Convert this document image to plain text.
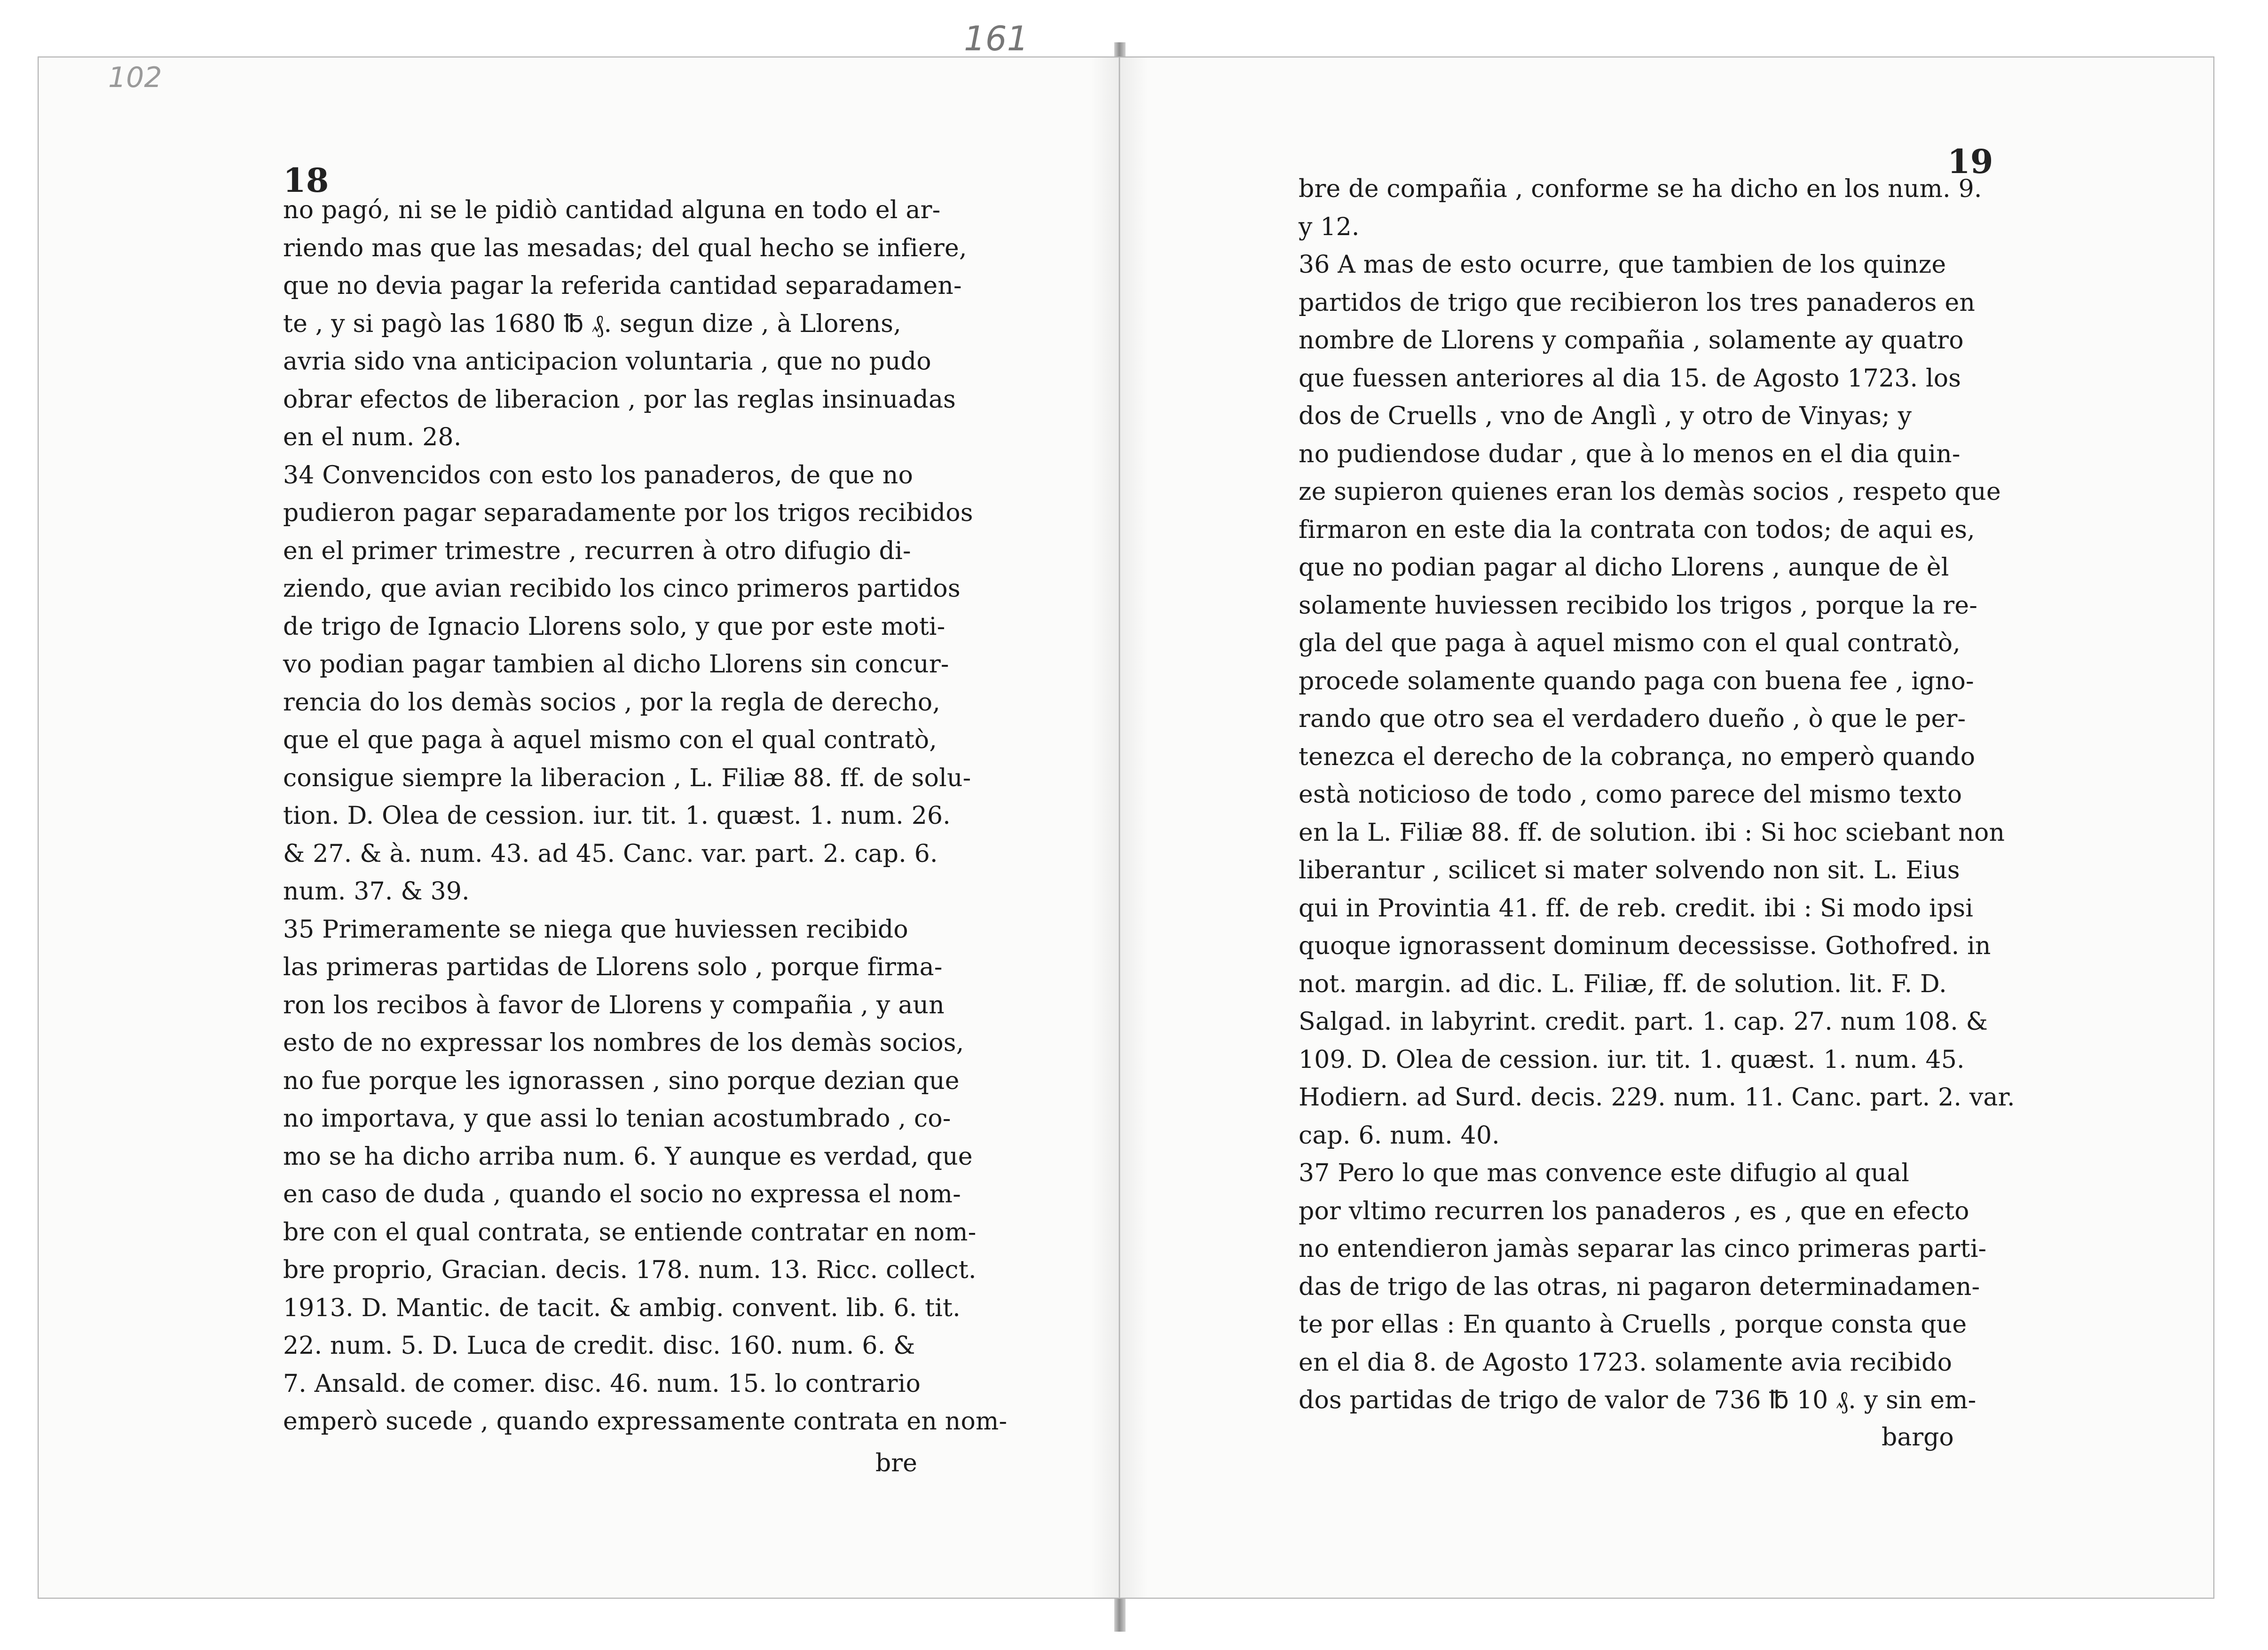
18
no pagó, ni se le pidiò cantidad alguna en todo el ar-
riendo mas que las mesadas; del qual hecho se infiere,
que no devia pagar la referida cantidad separadamen-
te , y si pagò las 1680 ℔ ₰. segun dize , à Llorens,
avria sido vna anticipacion voluntaria , que no pudo
obrar efectos de liberacion , por las reglas insinuadas
en el num. 28.
34 Convencidos con esto los panaderos, de que no
pudieron pagar separadamente por los trigos recibidos
en el primer trimestre , recurren à otro difugio di-
ziendo, que avian recibido los cinco primeros partidos
de trigo de Ignacio Llorens solo, y que por este moti-
vo podian pagar tambien al dicho Llorens sin concur-
rencia do los demàs socios , por la regla de derecho,
que el que paga à aquel mismo con el qual contratò,
consigue siempre la liberacion , L. Filiæ 88. ff. de solu-
tion. D. Olea de cession. iur. tit. 1. quæst. 1. num. 26.
& 27. & à. num. 43. ad 45. Canc. var. part. 2. cap. 6.
num. 37. & 39.
35 Primeramente se niega que huviessen recibido
las primeras partidas de Llorens solo , porque firma-
ron los recibos à favor de Llorens y compañia , y aun
esto de no expressar los nombres de los demàs socios,
no fue porque les ignorassen , sino porque dezian que
no importava, y que assi lo tenian acostumbrado , co-
mo se ha dicho arriba num. 6. Y aunque es verdad, que
en caso de duda , quando el socio no expressa el nom-
bre con el qual contrata, se entiende contratar en nom-
bre proprio, Gracian. decis. 178. num. 13. Ricc. collect.
1913. D. Mantic. de tacit. & ambig. convent. lib. 6. tit.
22. num. 5. D. Luca de credit. disc. 160. num. 6. &
7. Ansald. de comer. disc. 46. num. 15. lo contrario
emperò sucede , quando expressamente contrata en nom-
bre
102
19
bre de compañia , conforme se ha dicho en los num. 9.
y 12.
36 A mas de esto ocurre, que tambien de los quinze
partidos de trigo que recibieron los tres panaderos en
nombre de Llorens y compañia , solamente ay quatro
que fuessen anteriores al dia 15. de Agosto 1723. los
dos de Cruells , vno de Anglì , y otro de Vinyas; y
no pudiendose dudar , que à lo menos en el dia quin-
ze supieron quienes eran los demàs socios , respeto que
firmaron en este dia la contrata con todos; de aqui es,
que no podian pagar al dicho Llorens , aunque de èl
solamente huviessen recibido los trigos , porque la re-
gla del que paga à aquel mismo con el qual contratò,
procede solamente quando paga con buena fee , igno-
rando que otro sea el verdadero dueño , ò que le per-
tenezca el derecho de la cobrança, no emperò quando
està noticioso de todo , como parece del mismo texto
en la L. Filiæ 88. ff. de solution. ibi : Si hoc sciebant non
liberantur , scilicet si mater solvendo non sit. L. Eius
qui in Provintia 41. ff. de reb. credit. ibi : Si modo ipsi
quoque ignorassent dominum decessisse. Gothofred. in
not. margin. ad dic. L. Filiæ, ff. de solution. lit. F. D.
Salgad. in labyrint. credit. part. 1. cap. 27. num 108. &
109. D. Olea de cession. iur. tit. 1. quæst. 1. num. 45.
Hodiern. ad Surd. decis. 229. num. 11. Canc. part. 2. var.
cap. 6. num. 40.
37 Pero lo que mas convence este difugio al qual
por vltimo recurren los panaderos , es , que en efecto
no entendieron jamàs separar las cinco primeras parti-
das de trigo de las otras, ni pagaron determinadamen-
te por ellas : En quanto à Cruells , porque consta que
en el dia 8. de Agosto 1723. solamente avia recibido
dos partidas de trigo de valor de 736 ℔ 10 ₰. y sin em-
bargo
161
